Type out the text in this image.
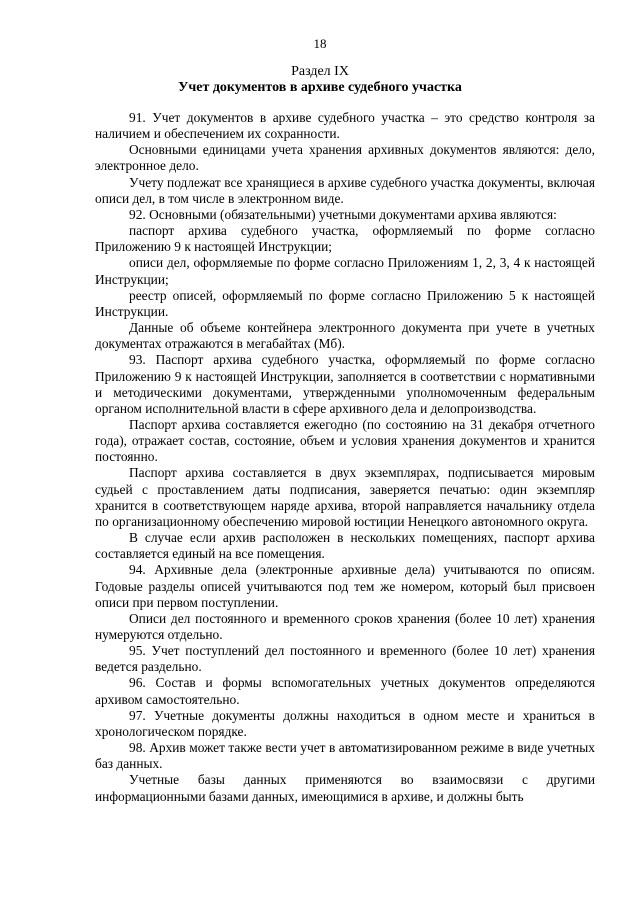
18
Раздел IX
Учет документов в архиве судебного участка

91. Учет документов в архиве судебного участка – это средство контроля за наличием и обеспечением их сохранности.

Основными единицами учета хранения архивных документов являются: дело, электронное дело.

Учету подлежат все хранящиеся в архиве судебного участка документы, включая описи дел, в том числе в электронном виде.

92. Основными (обязательными) учетными документами архива являются:

паспорт архива судебного участка, оформляемый по форме согласно Приложению 9 к настоящей Инструкции;

описи дел, оформляемые по форме согласно Приложениям 1, 2, 3, 4 к настоящей Инструкции;

реестр описей, оформляемый по форме согласно Приложению 5 к настоящей Инструкции.

Данные об объеме контейнера электронного документа при учете в учетных документах отражаются в мегабайтах (Мб).

93. Паспорт архива судебного участка, оформляемый по форме согласно Приложению 9 к настоящей Инструкции, заполняется в соответствии с нормативными и методическими документами, утвержденными уполномоченным федеральным органом исполнительной власти в сфере архивного дела и делопроизводства.

Паспорт архива составляется ежегодно (по состоянию на 31 декабря отчетного года), отражает состав, состояние, объем и условия хранения документов и хранится постоянно.

Паспорт архива составляется в двух экземплярах, подписывается мировым судьей с проставлением даты подписания, заверяется печатью: один экземпляр хранится в соответствующем наряде архива, второй направляется начальнику отдела по организационному обеспечению мировой юстиции Ненецкого автономного округа.

В случае если архив расположен в нескольких помещениях, паспорт архива составляется единый на все помещения.

94. Архивные дела (электронные архивные дела) учитываются по описям. Годовые разделы описей учитываются под тем же номером, который был присвоен описи при первом поступлении.

Описи дел постоянного и временного сроков хранения (более 10 лет) хранения нумеруются отдельно.

95. Учет поступлений дел постоянного и временного (более 10 лет) хранения ведется раздельно.

96. Состав и формы вспомогательных учетных документов определяются архивом самостоятельно.

97. Учетные документы должны находиться в одном месте и храниться в хронологическом порядке.

98. Архив может также вести учет в автоматизированном режиме в виде учетных баз данных.

Учетные базы данных применяются во взаимосвязи с другими информационными базами данных, имеющимися в архиве, и должны быть
